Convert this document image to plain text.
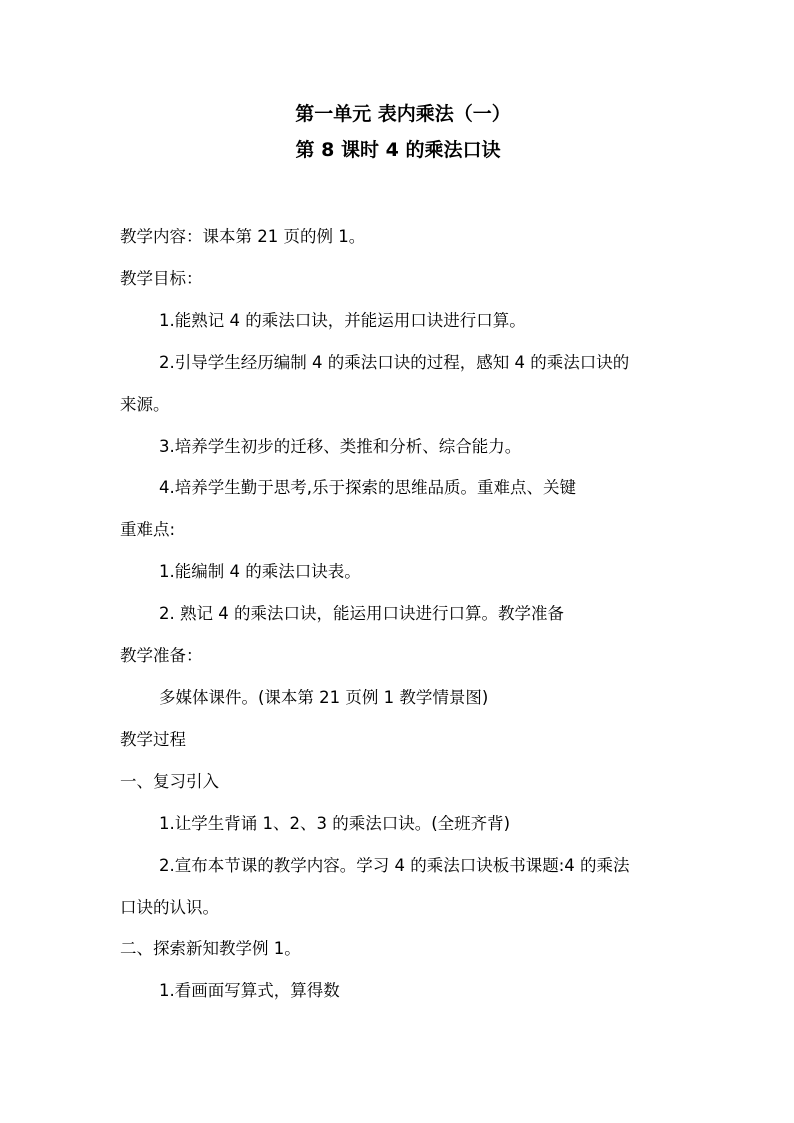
第一单元 表内乘法（一）

第 8 课时 4 的乘法口诀

教学内容：课本第 21 页的例 1。

教学目标：

1.能熟记 4 的乘法口诀，并能运用口诀进行口算。

2.引导学生经历编制 4 的乘法口诀的过程，感知 4 的乘法口诀的

来源。

3.培养学生初步的迁移、类推和分析、综合能力。

4.培养学生勤于思考,乐于探索的思维品质。重难点、关键

重难点:

1.能编制 4 的乘法口诀表。

2. 熟记 4 的乘法口诀，能运用口诀进行口算。教学准备

教学准备：

多媒体课件。(课本第 21 页例 1 教学情景图)

教学过程

一、复习引入

1.让学生背诵 1、2、3 的乘法口诀。(全班齐背)

2.宣布本节课的教学内容。学习 4 的乘法口诀板书课题:4 的乘法

口诀的认识。

二、探索新知教学例 1。

1.看画面写算式，算得数
